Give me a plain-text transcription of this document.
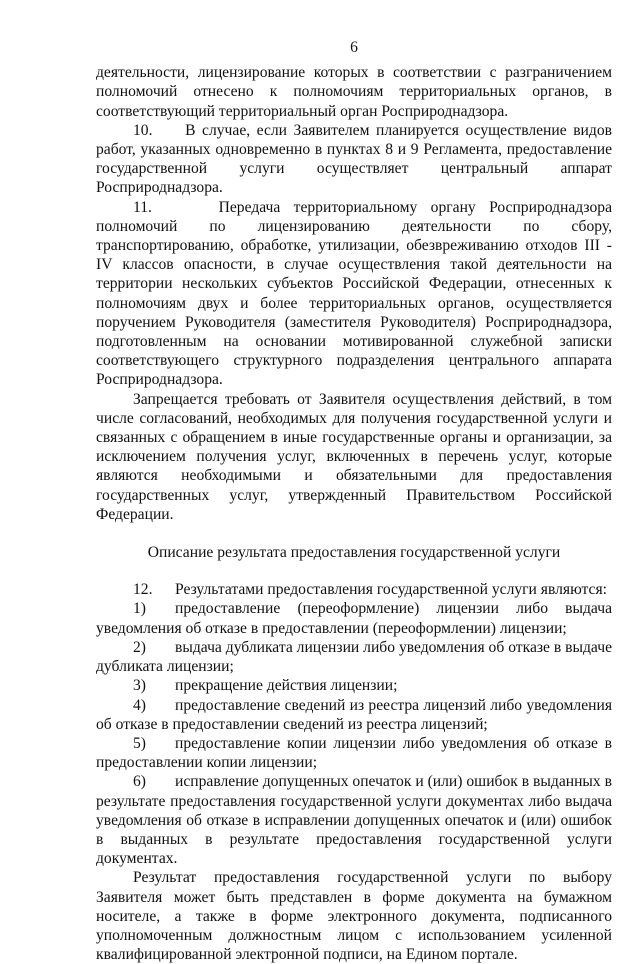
6

деятельности, лицензирование которых в соответствии с разграничением полномочий отнесено к полномочиям территориальных органов, в соответствующий территориальный орган Росприроднадзора.

10. В случае, если Заявителем планируется осуществление видов работ, указанных одновременно в пунктах 8 и 9 Регламента, предоставление государственной услуги осуществляет центральный аппарат Росприроднадзора.

11.	Передача территориальному органу Росприроднадзора полномочий по лицензированию деятельности по сбору, транспортированию, обработке, утилизации, обезвреживанию отходов III - IV классов опасности, в случае осуществления такой деятельности на территории нескольких субъектов Российской Федерации, отнесенных к полномочиям двух и более территориальных органов, осуществляется поручением Руководителя (заместителя Руководителя) Росприроднадзора, подготовленным на основании мотивированной служебной записки соответствующего структурного подразделения центрального аппарата Росприроднадзора.

Запрещается требовать от Заявителя осуществления действий, в том числе согласований, необходимых для получения государственной услуги и связанных с обращением в иные государственные органы и организации, за исключением получения услуг, включенных в перечень услуг, которые являются необходимыми и обязательными для предоставления государственных услуг, утвержденный Правительством Российской Федерации.

Описание результата предоставления государственной услуги

12. Результатами предоставления государственной услуги являются:

1) предоставление (переоформление) лицензии либо выдача уведомления об отказе в предоставлении (переоформлении) лицензии;

2) выдача дубликата лицензии либо уведомления об отказе в выдаче дубликата лицензии;

3) прекращение действия лицензии;

4) предоставление сведений из реестра лицензий либо уведомления об отказе в предоставлении сведений из реестра лицензий;

5) предоставление копии лицензии либо уведомления об отказе в предоставлении копии лицензии;

6) исправление допущенных опечаток и (или) ошибок в выданных в результате предоставления государственной услуги документах либо выдача уведомления об отказе в исправлении допущенных опечаток и (или) ошибок в выданных в результате предоставления государственной услуги документах.

Результат предоставления государственной услуги по выбору Заявителя может быть представлен в форме документа на бумажном носителе, а также в форме электронного документа, подписанного уполномоченным должностным лицом с использованием усиленной квалифицированной электронной подписи, на Едином портале.
